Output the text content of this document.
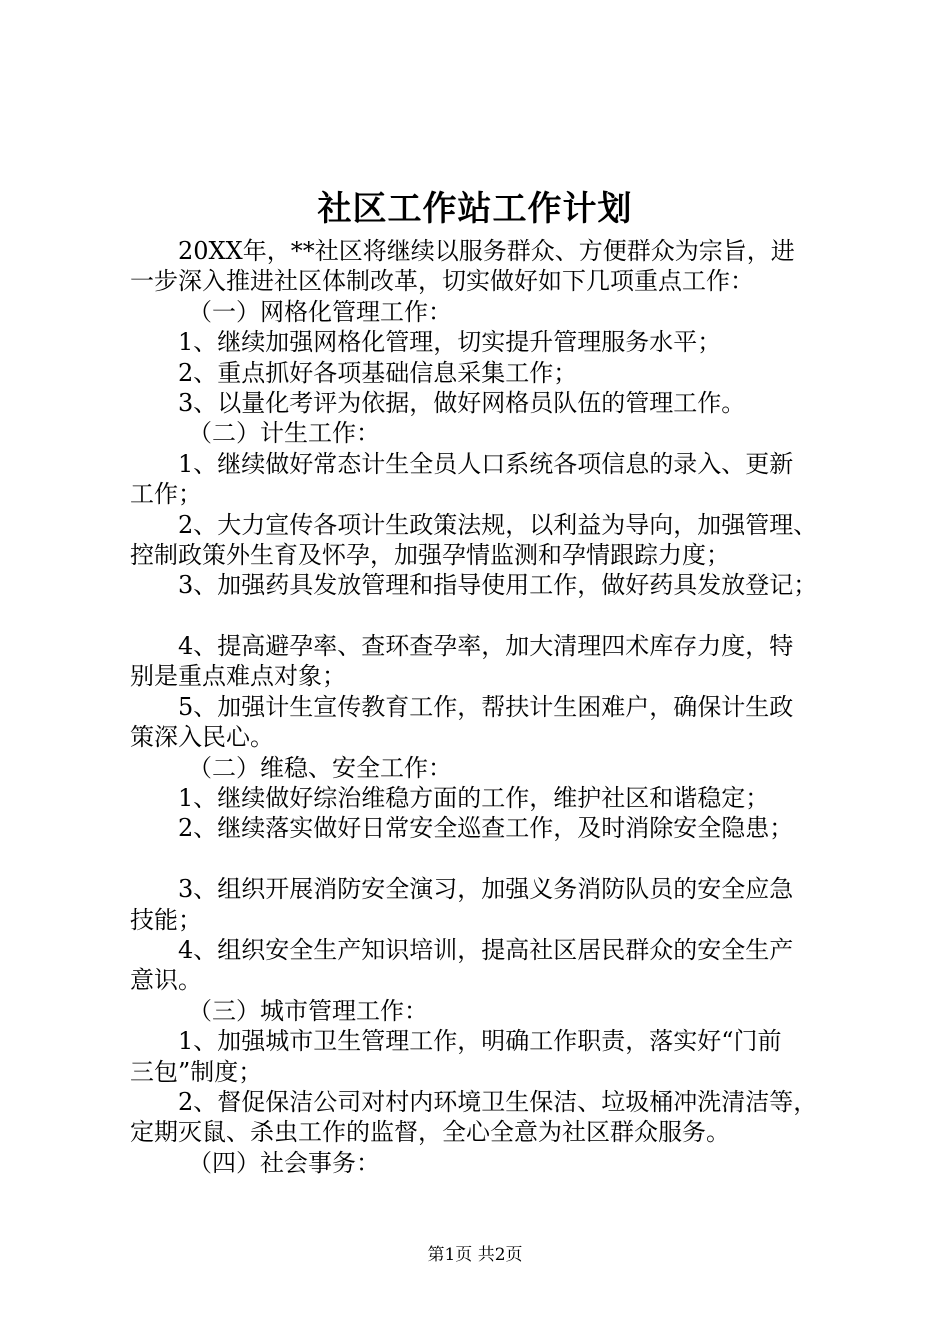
社区工作站工作计划
20XX年，**社区将继续以服务群众、方便群众为宗旨，进
一步深入推进社区体制改革，切实做好如下几项重点工作：
（一）网格化管理工作：
1、继续加强网格化管理，切实提升管理服务水平；
2、重点抓好各项基础信息采集工作；
3、以量化考评为依据，做好网格员队伍的管理工作。
（二）计生工作：
1、继续做好常态计生全员人口系统各项信息的录入、更新
工作；
2、大力宣传各项计生政策法规，以利益为导向，加强管理、
控制政策外生育及怀孕，加强孕情监测和孕情跟踪力度；
3、加强药具发放管理和指导使用工作，做好药具发放登记；
4、提高避孕率、查环查孕率，加大清理四术库存力度，特
别是重点难点对象；
5、加强计生宣传教育工作，帮扶计生困难户，确保计生政
策深入民心。
（二）维稳、安全工作：
1、继续做好综治维稳方面的工作，维护社区和谐稳定；
2、继续落实做好日常安全巡查工作，及时消除安全隐患；
3、组织开展消防安全演习，加强义务消防队员的安全应急
技能；
4、组织安全生产知识培训，提高社区居民群众的安全生产
意识。
（三）城市管理工作：
1、加强城市卫生管理工作，明确工作职责，落实好“门前
三包”制度；
2、督促保洁公司对村内环境卫生保洁、垃圾桶冲洗清洁等，
定期灭鼠、杀虫工作的监督，全心全意为社区群众服务。
（四）社会事务：
第1页 共2页
